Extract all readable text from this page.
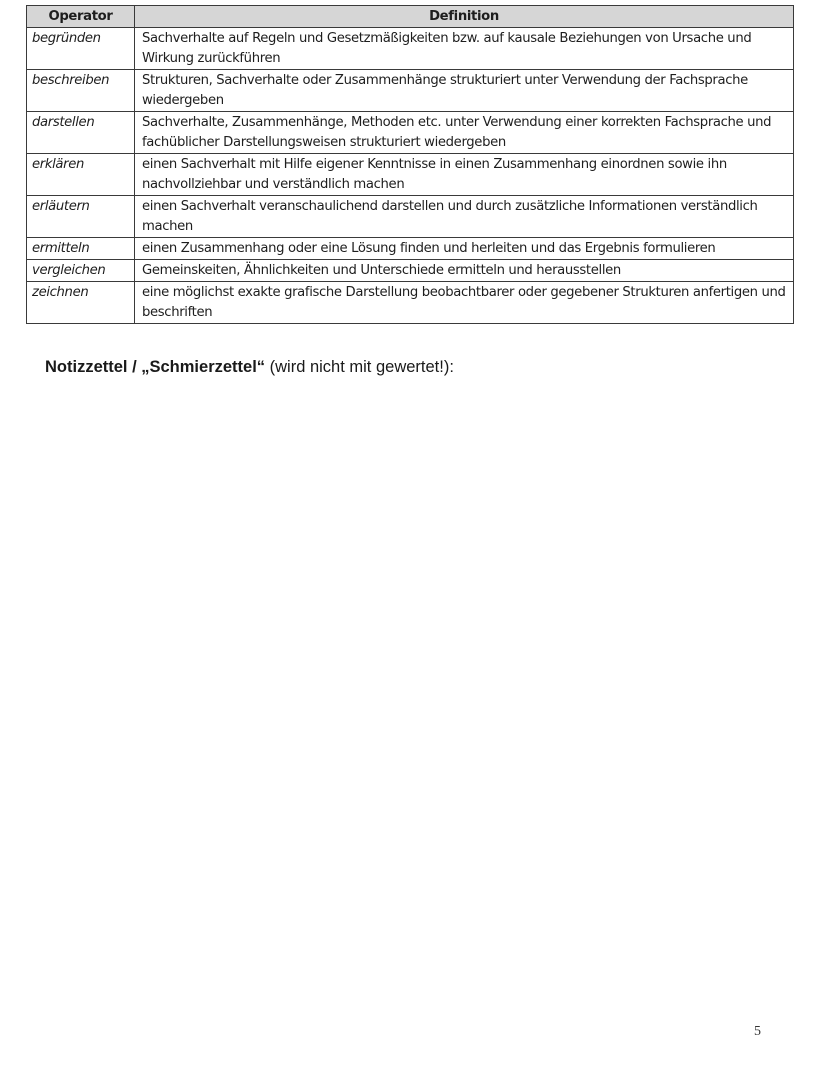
Operator	Definition
begründen	Sachverhalte auf Regeln und Gesetzmäßigkeiten bzw. auf kausale Beziehungen von Ursache und Wirkung zurückführen
beschreiben	Strukturen, Sachverhalte oder Zusammenhänge strukturiert unter Verwendung der Fachsprache wiedergeben
darstellen	Sachverhalte, Zusammenhänge, Methoden etc. unter Verwendung einer korrekten Fachsprache und fachüblicher Darstellungsweisen strukturiert wiedergeben
erklären	einen Sachverhalt mit Hilfe eigener Kenntnisse in einen Zusammenhang einordnen sowie ihn nachvollziehbar und verständlich machen
erläutern	einen Sachverhalt veranschaulichend darstellen und durch zusätzliche Informationen verständlich machen
ermitteln	einen Zusammenhang oder eine Lösung finden und herleiten und das Ergebnis formulieren
vergleichen	Gemeinskeiten, Ähnlichkeiten und Unterschiede ermitteln und herausstellen
zeichnen	eine möglichst exakte grafische Darstellung beobachtbarer oder gegebener Strukturen anfertigen und beschriften
Notizzettel / „Schmierzettel“ (wird nicht mit gewertet!):
5
